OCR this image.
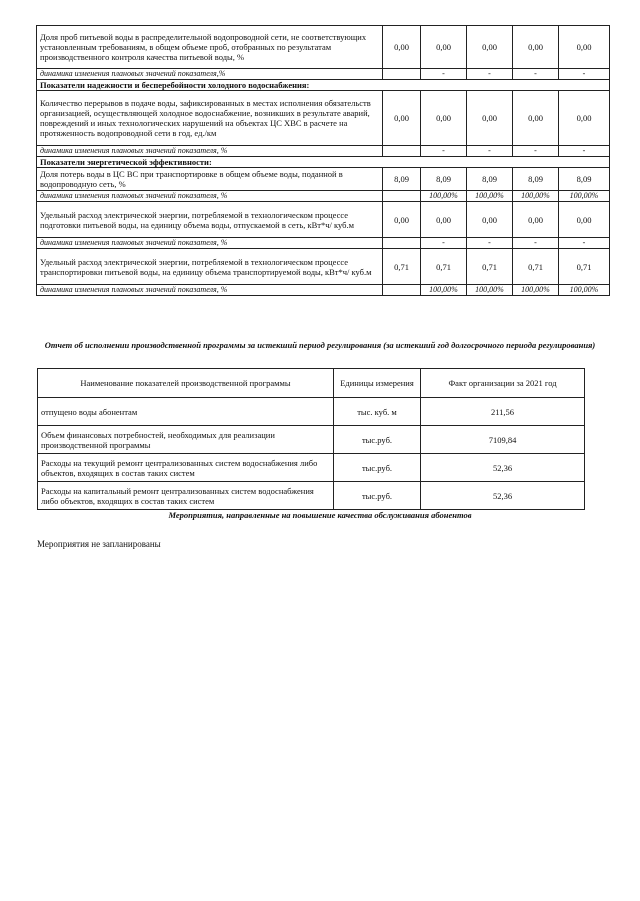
Доля проб питьевой воды в распределительной водопроводной сети, не соответствующих установленным требованиям, в общем объеме проб, отобранных по результатам производственного контроля качества питьевой воды, %	0,00	0,00	0,00	0,00	0,00
динамика изменения плановых значений показателя,%		-	-	-	-
Показатели надежности и бесперебойности холодного водоснабжения:					
Количество перерывов в подаче воды, зафиксированных в местах исполнения обязательств организацией, осуществляющей холодное водоснабжение, возникших в результате аварий, повреждений и иных технологических нарушений на объектах ЦС ХВС в расчете на протяженность водопроводной сети в год, ед./км	0,00	0,00	0,00	0,00	0,00
динамика изменения плановых значений показателя, %		-	-	-	-
Показатели энергетической эффективности:					
Доля потерь воды в ЦС ВС при транспортировке в общем объеме воды, поданной в водопроводную сеть, %	8,09	8,09	8,09	8,09	8,09
динамика изменения плановых значений показателя, %		100,00%	100,00%	100,00%	100,00%
Удельный расход электрической энергии, потребляемой в технологическом процессе подготовки питьевой воды, на единицу объема воды, отпускаемой в сеть, кВт*ч/ куб.м	0,00	0,00	0,00	0,00	0,00
динамика изменения плановых значений показателя, %		-	-	-	-
Удельный расход электрической энергии, потребляемой в технологическом процессе транспортировки питьевой воды, на единицу объема транспортируемой воды, кВт*ч/ куб.м	0,71	0,71	0,71	0,71	0,71
динамика изменения плановых значений показателя, %		100,00%	100,00%	100,00%	100,00%
Отчет об исполнении производственной программы за истекший период регулирования (за истекший год долгосрочного периода регулирования)
Наименование показателей производственной программы	Единицы измерения	Факт организации за 2021 год
отпущено воды абонентам	тыс. куб. м	211,56
Объем финансовых потребностей, необходимых для реализации производственной программы	тыс.руб.	7109,84
Расходы на текущий ремонт централизованных систем водоснабжения либо объектов, входящих в состав таких систем	тыс.руб.	52,36
Расходы на капитальный ремонт централизованных систем водоснабжения либо объектов, входящих в состав таких систем	тыс.руб.	52,36
Мероприятия, направленные на повышение качества обслуживания абонентов
Мероприятия не запланированы
